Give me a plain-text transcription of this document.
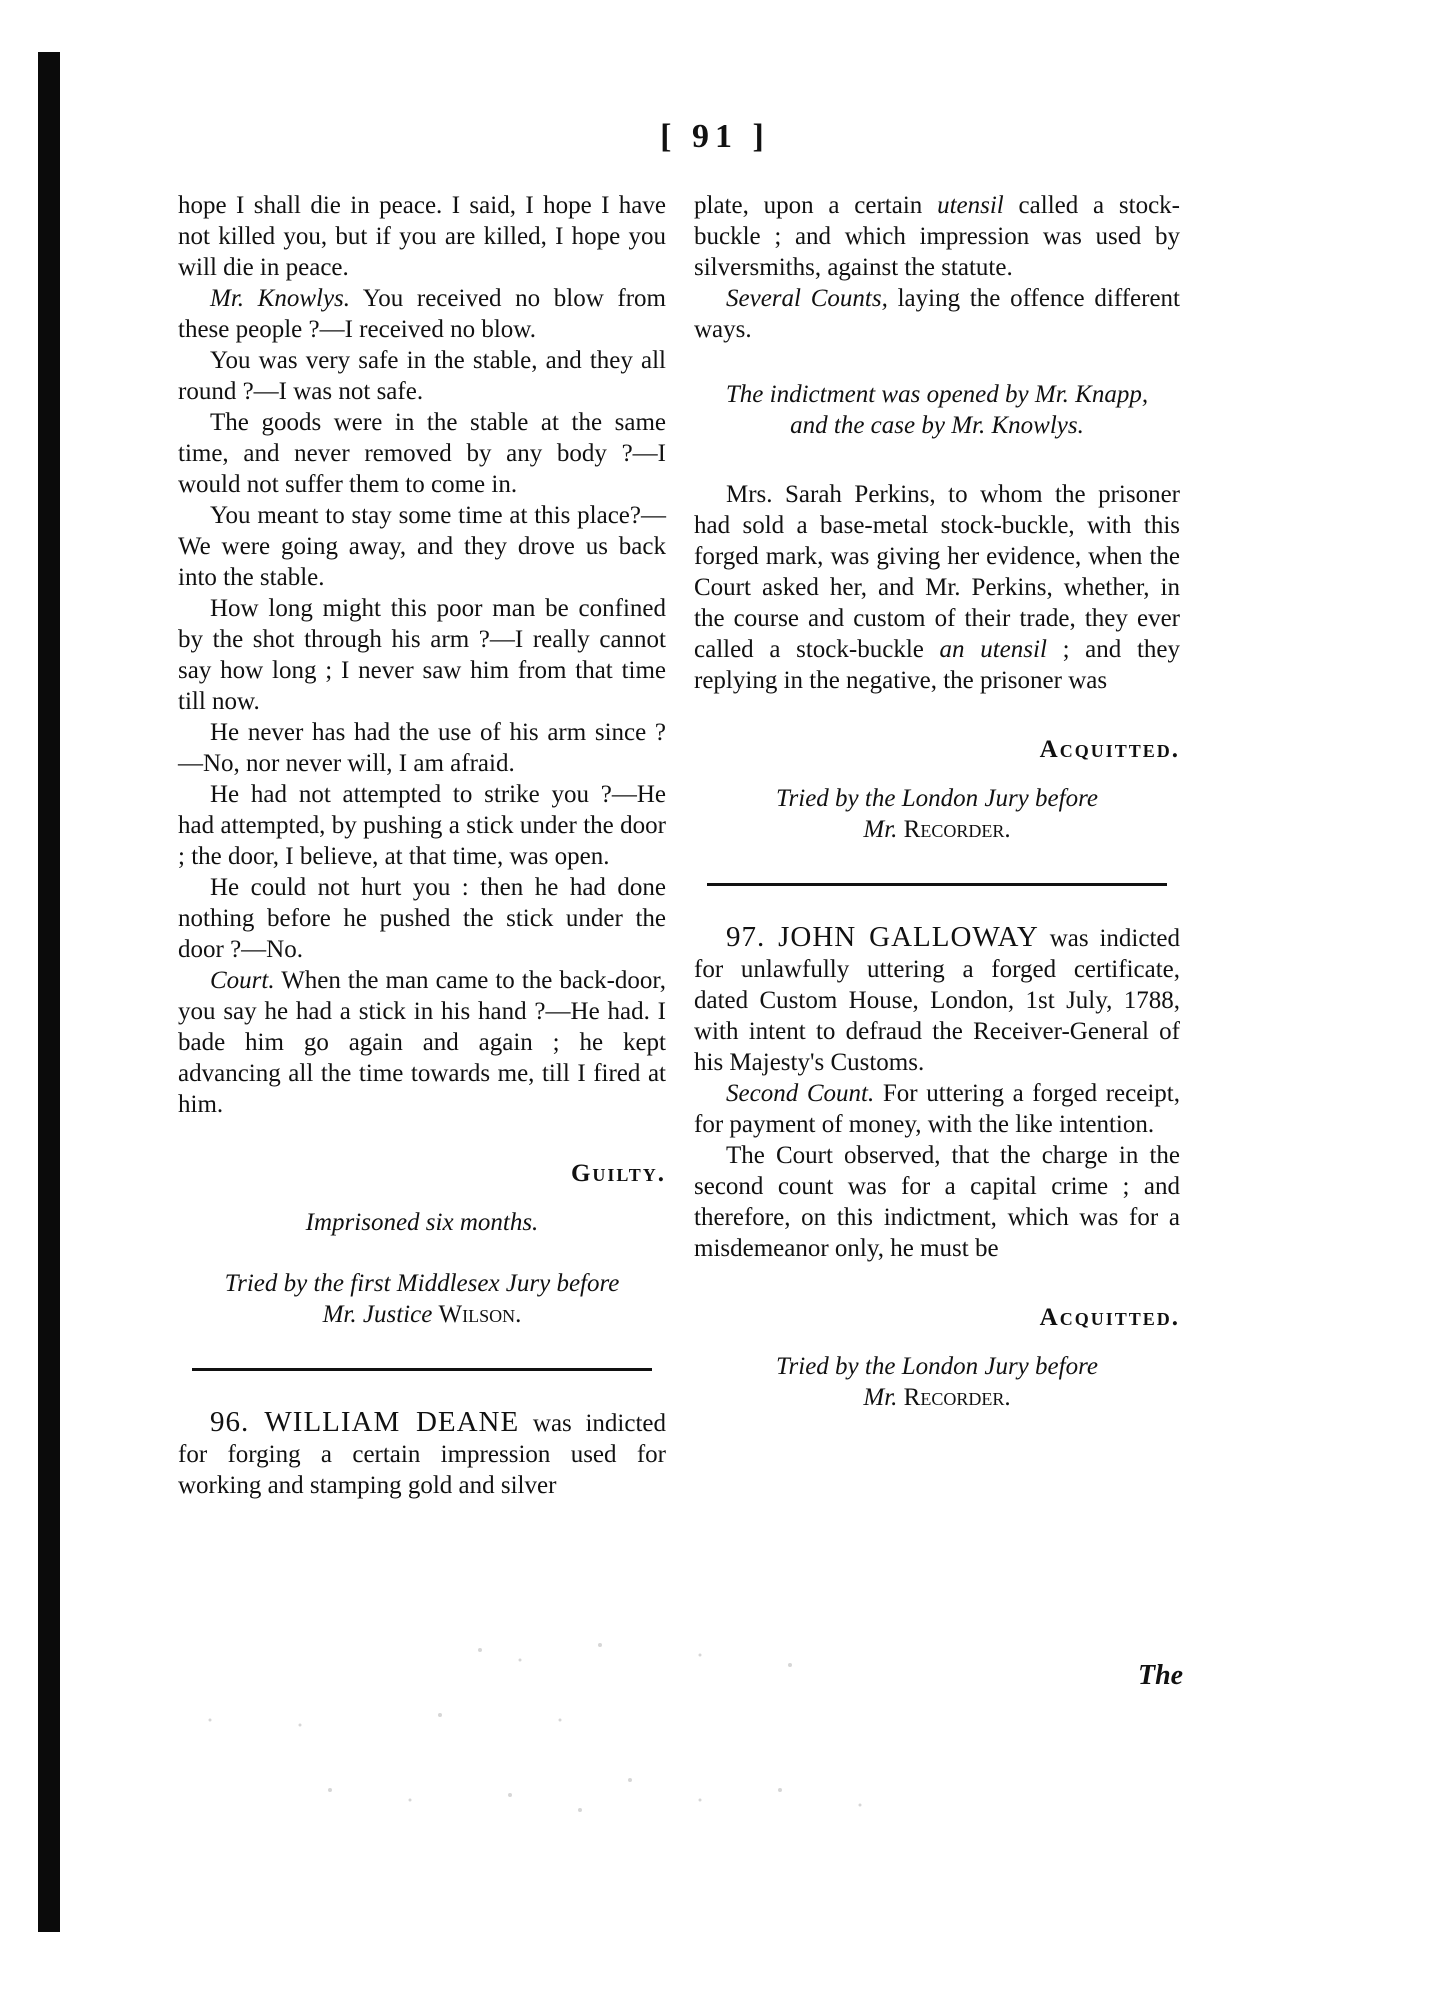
[ 91 ]

hope I shall die in peace. I said, I hope I have not killed you, but if you are killed, I hope you will die in peace.

Mr. Knowlys. You received no blow from these people ?—I received no blow.

You was very safe in the stable, and they all round ?—I was not safe.

The goods were in the stable at the same time, and never removed by any body ?—I would not suffer them to come in.

You meant to stay some time at this place?—We were going away, and they drove us back into the stable.

How long might this poor man be confined by the shot through his arm ?—I really cannot say how long ; I never saw him from that time till now.

He never has had the use of his arm since ?—No, nor never will, I am afraid.

He had not attempted to strike you ?—He had attempted, by pushing a stick under the door ; the door, I believe, at that time, was open.

He could not hurt you : then he had done nothing before he pushed the stick under the door ?—No.

Court. When the man came to the back-door, you say he had a stick in his hand ?—He had. I bade him go again and again ; he kept advancing all the time towards me, till I fired at him.

Guilty.

Imprisoned six months.

Tried by the first Middlesex Jury before

Mr. Justice Wilson.

96. WILLIAM DEANE was indicted for forging a certain impression used for working and stamping gold and silver

plate, upon a certain utensil called a stock-buckle ; and which impression was used by silversmiths, against the statute.

Several Counts, laying the offence different ways.

The indictment was opened by Mr. Knapp,

and the case by Mr. Knowlys.

Mrs. Sarah Perkins, to whom the prisoner had sold a base-metal stock-buckle, with this forged mark, was giving her evidence, when the Court asked her, and Mr. Perkins, whether, in the course and custom of their trade, they ever called a stock-buckle an utensil ; and they replying in the negative, the prisoner was

Acquitted.

Tried by the London Jury before

Mr. Recorder.

97. JOHN GALLOWAY was indicted for unlawfully uttering a forged certificate, dated Custom House, London, 1st July, 1788, with intent to defraud the Receiver-General of his Majesty's Customs.

Second Count. For uttering a forged receipt, for payment of money, with the like intention.

The Court observed, that the charge in the second count was for a capital crime ; and therefore, on this indictment, which was for a misdemeanor only, he must be

Acquitted.

Tried by the London Jury before

Mr. Recorder.

The
